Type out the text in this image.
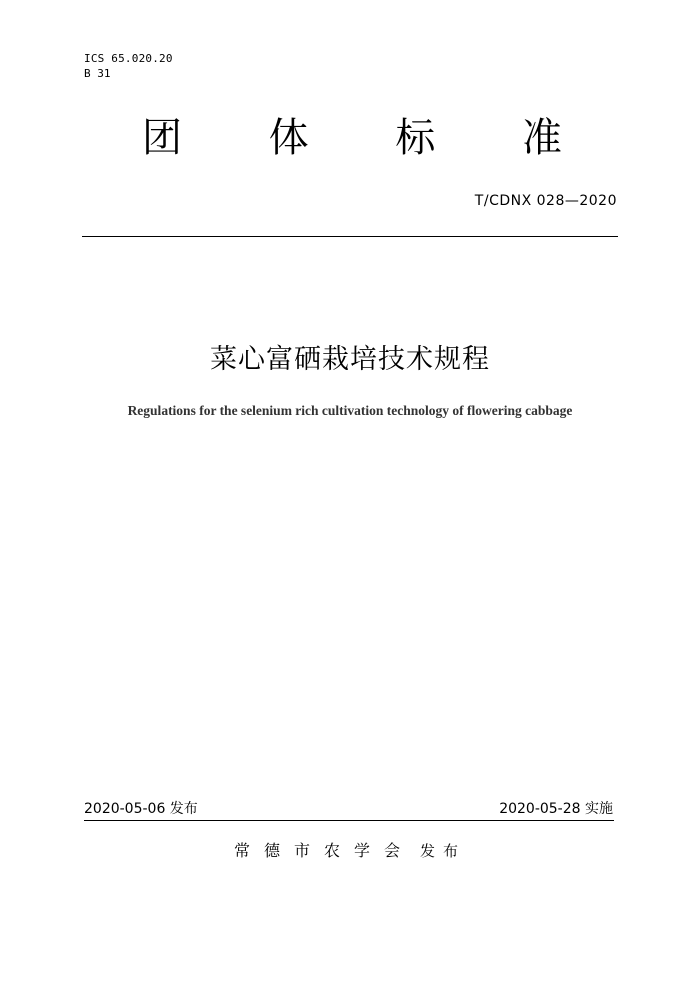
ICS 65.020.20
B 31
团 体 标 准
T/CDNX 028—2020
菜心富硒栽培技术规程
Regulations for the selenium rich cultivation technology of flowering cabbage
2020-05-06 发布	2020-05-28 实施
常德市农学会 发布
